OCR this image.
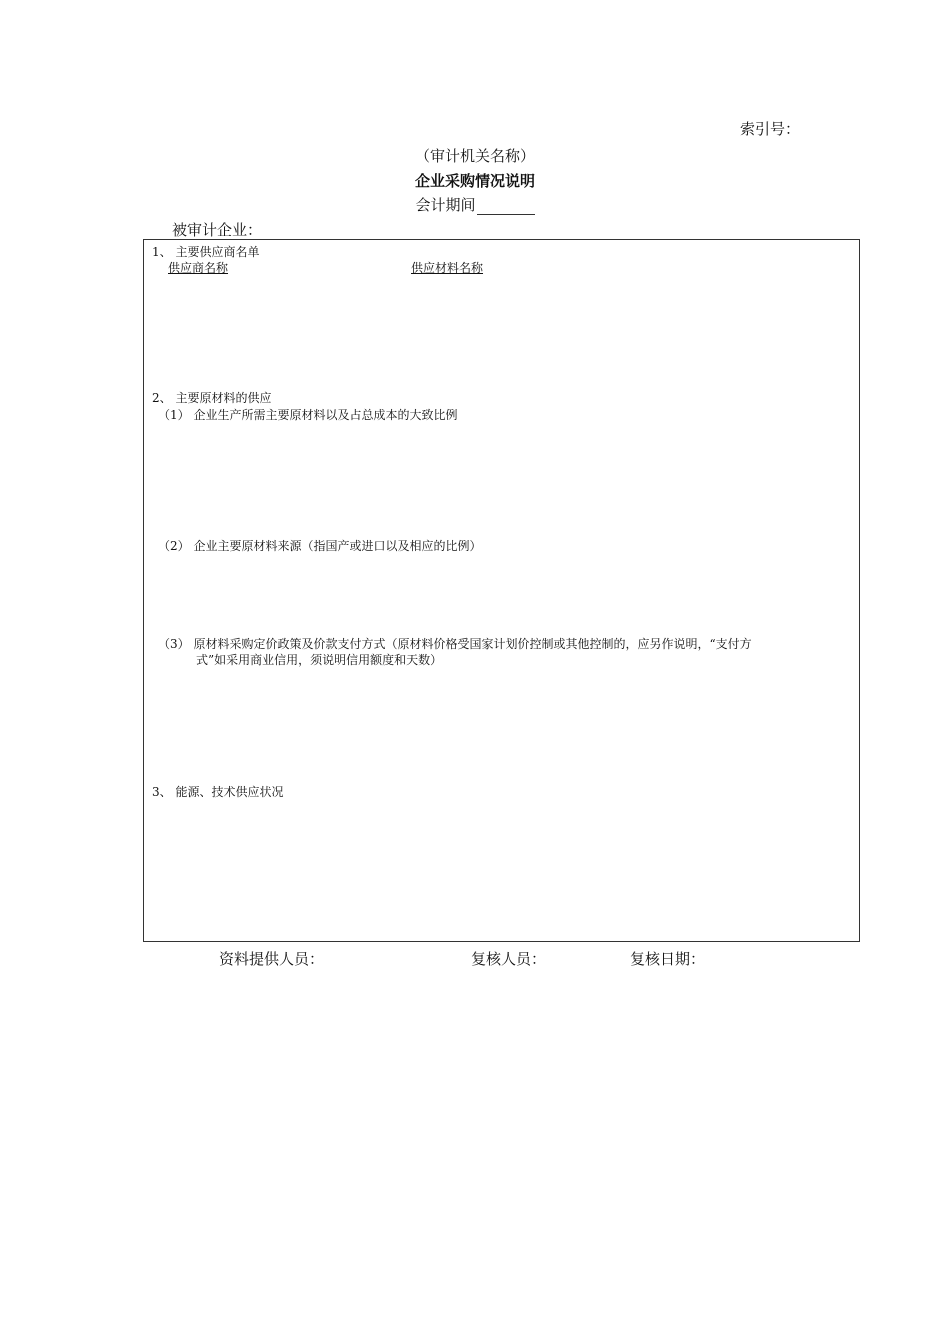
索引号：
（审计机关名称）
企业采购情况说明
会计期间
被审计企业：
1、 主要供应商名单
供应商名称	供应材料名称
2、 主要原材料的供应
（1） 企业生产所需主要原材料以及占总成本的大致比例
（2） 企业主要原材料来源（指国产或进口以及相应的比例）
（3） 原材料采购定价政策及价款支付方式（原材料价格受国家计划价控制或其他控制的，应另作说明，“支付方
式”如采用商业信用，须说明信用额度和天数）
3、 能源、技术供应状况
资料提供人员：	复核人员：	复核日期：
